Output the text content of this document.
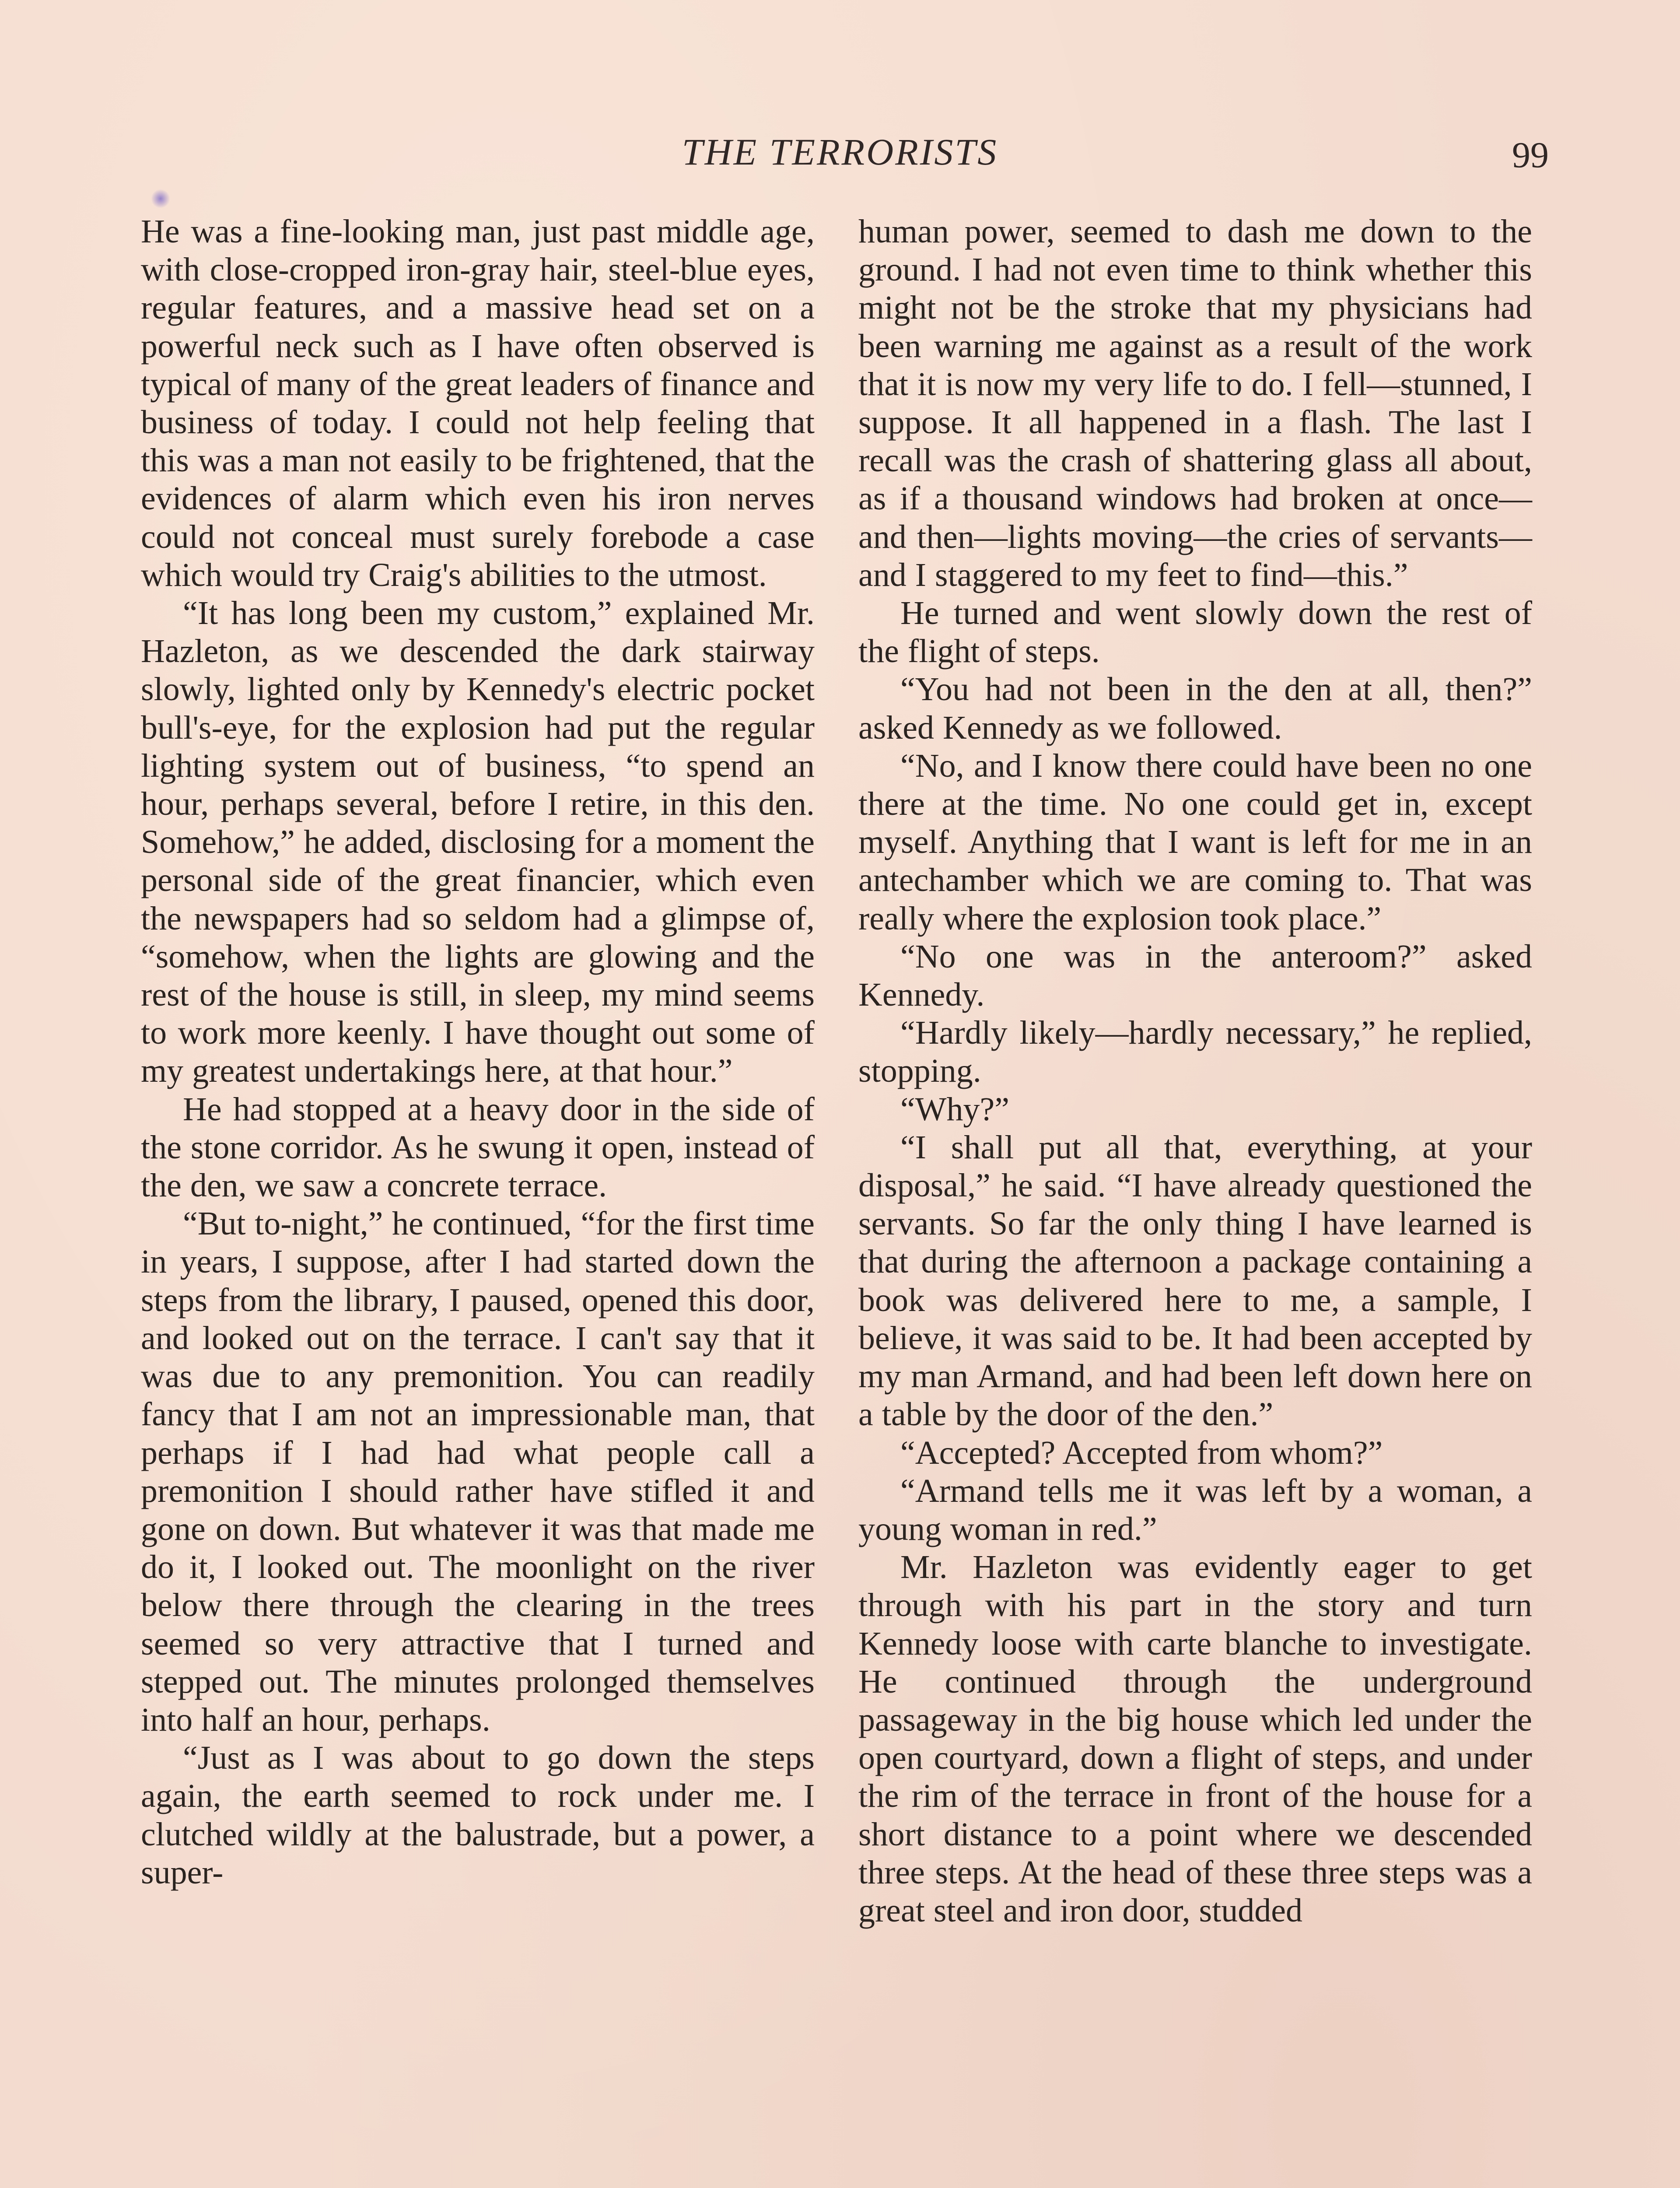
THE TERRORISTS	99

He was a fine-looking man, just past middle age, with close-cropped iron-gray hair, steel-blue eyes, regular features, and a massive head set on a powerful neck such as I have often observed is typical of many of the great leaders of finance and business of today. I could not help feeling that this was a man not easily to be frightened, that the evidences of alarm which even his iron nerves could not conceal must surely forebode a case which would try Craig's abilities to the utmost.

“It has long been my custom,” explained Mr. Hazleton, as we descended the dark stairway slowly, lighted only by Kennedy's electric pocket bull's-eye, for the explosion had put the regular lighting system out of business, “to spend an hour, perhaps several, before I retire, in this den. Somehow,” he added, disclosing for a moment the personal side of the great financier, which even the newspapers had so seldom had a glimpse of, “somehow, when the lights are glowing and the rest of the house is still, in sleep, my mind seems to work more keenly. I have thought out some of my greatest undertakings here, at that hour.”

He had stopped at a heavy door in the side of the stone corridor. As he swung it open, instead of the den, we saw a concrete terrace.

“But to-night,” he continued, “for the first time in years, I suppose, after I had started down the steps from the library, I paused, opened this door, and looked out on the terrace. I can't say that it was due to any premonition. You can readily fancy that I am not an impressionable man, that perhaps if I had had what people call a premonition I should rather have stifled it and gone on down. But whatever it was that made me do it, I looked out. The moonlight on the river below there through the clearing in the trees seemed so very attractive that I turned and stepped out. The minutes prolonged themselves into half an hour, perhaps.

“Just as I was about to go down the steps again, the earth seemed to rock under me. I clutched wildly at the balustrade, but a power, a super-

human power, seemed to dash me down to the ground. I had not even time to think whether this might not be the stroke that my physicians had been warning me against as a result of the work that it is now my very life to do. I fell—stunned, I suppose. It all happened in a flash. The last I recall was the crash of shattering glass all about, as if a thousand windows had broken at once—and then—lights moving—the cries of servants—and I staggered to my feet to find—this.”

He turned and went slowly down the rest of the flight of steps.

“You had not been in the den at all, then?” asked Kennedy as we followed.

“No, and I know there could have been no one there at the time. No one could get in, except myself. Anything that I want is left for me in an antechamber which we are coming to. That was really where the explosion took place.”

“No one was in the anteroom?” asked Kennedy.

“Hardly likely—hardly necessary,” he replied, stopping.

“Why?”

“I shall put all that, everything, at your disposal,” he said. “I have already questioned the servants. So far the only thing I have learned is that during the afternoon a package containing a book was delivered here to me, a sample, I believe, it was said to be. It had been accepted by my man Armand, and had been left down here on a table by the door of the den.”

“Accepted? Accepted from whom?”

“Armand tells me it was left by a woman, a young woman in red.”

Mr. Hazleton was evidently eager to get through with his part in the story and turn Kennedy loose with carte blanche to investigate. He continued through the underground passageway in the big house which led under the open courtyard, down a flight of steps, and under the rim of the terrace in front of the house for a short distance to a point where we descended three steps. At the head of these three steps was a great steel and iron door, studded
